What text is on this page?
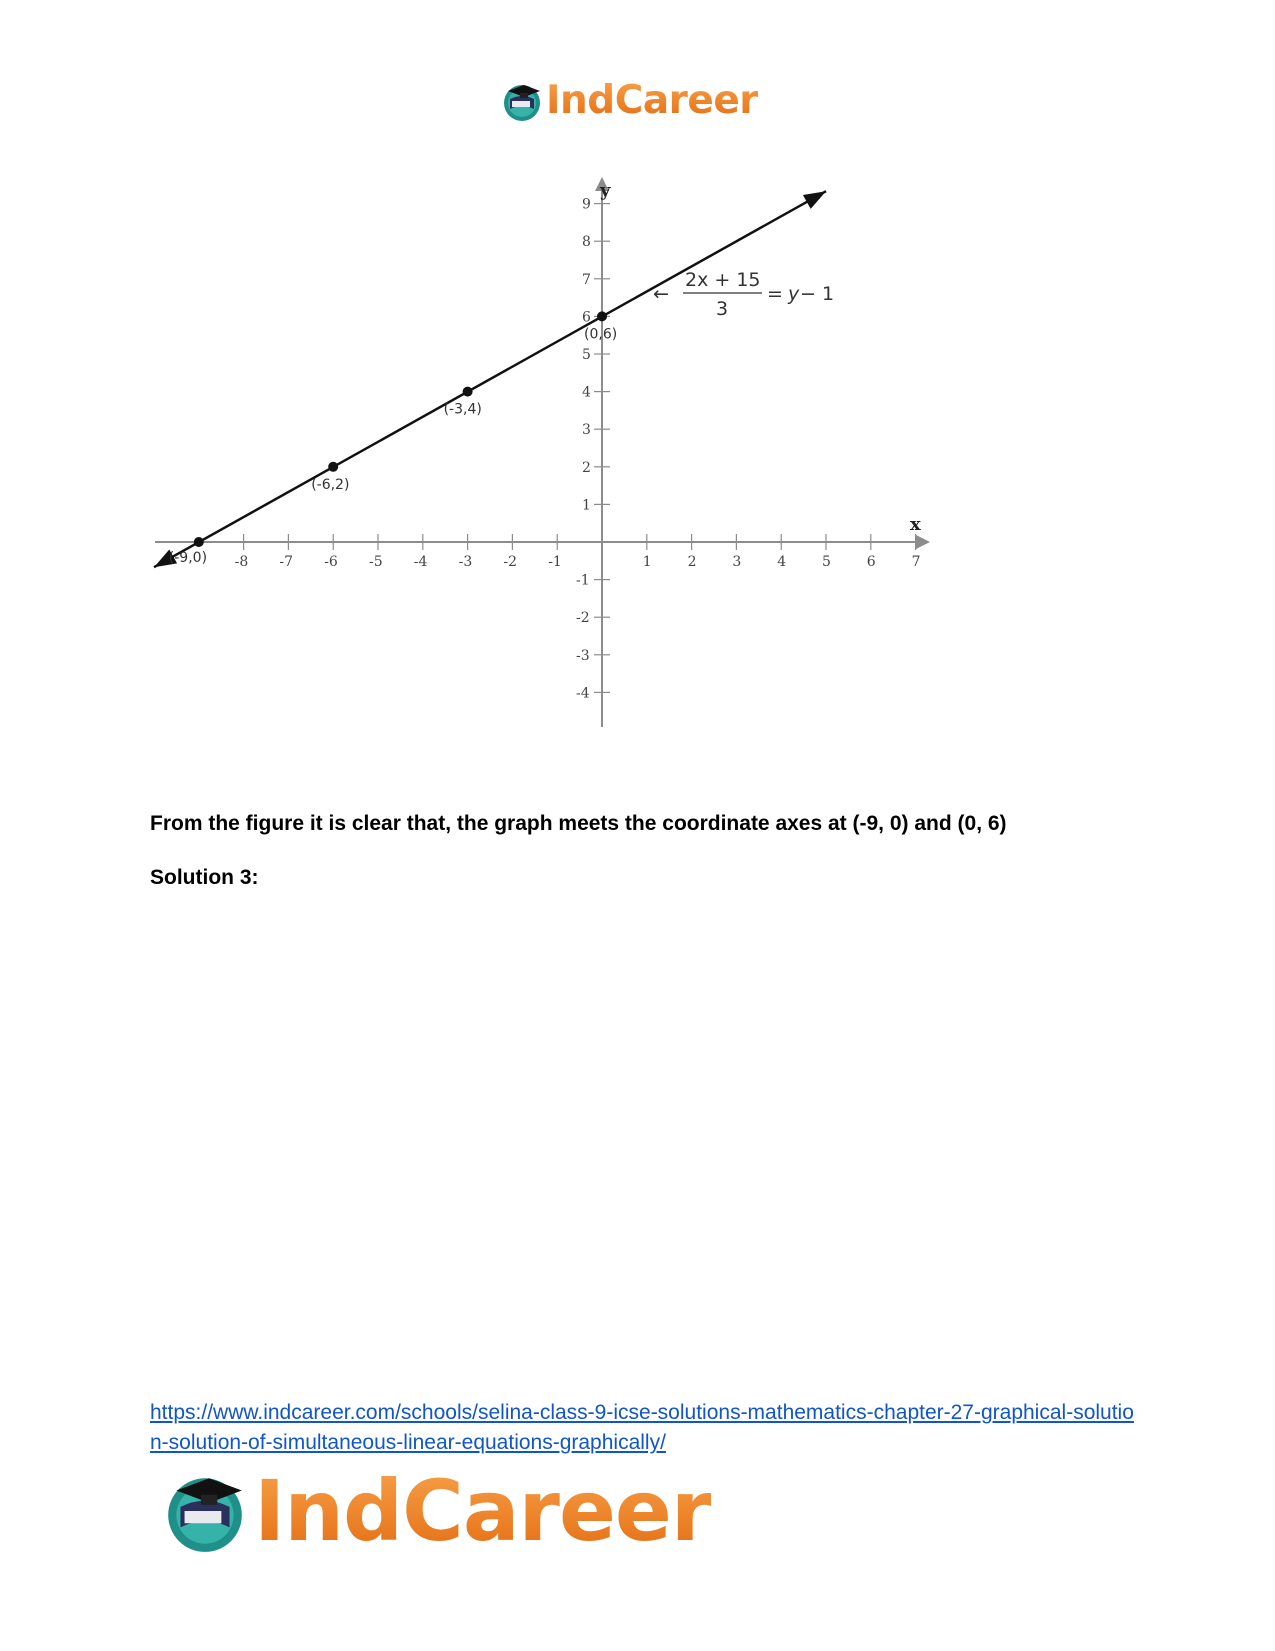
IndCareer
-8 -7 -6 -5 -4 -3 -2 -1	1	2	3	4	5	6	7
-4
-3
-2
-1
1
2
3
4
5
6
7
8
9
(-9,0)
(-6,2)
(-3,4)
(0,6)
x
y
←
2x + 15
3
= y − 1

From the figure it is clear that, the graph meets the coordinate axes at (-9, 0) and (0, 6)

Solution 3:

https://www.indcareer.com/schools/selina-class-9-icse-solutions-mathematics-chapter-27-graphical-solution-solution-of-simultaneous-linear-equations-graphically/
IndCareer
